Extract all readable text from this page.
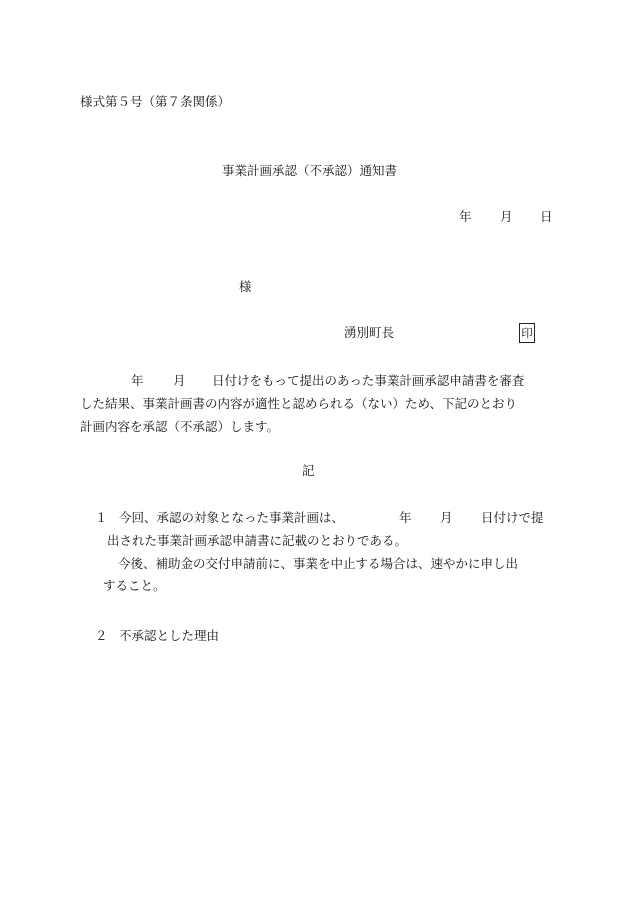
様式第５号（第７条関係）
事業計画承認（不承認）通知書
年 月 日
様
湧別町長	印
年 月 日付けをもって提出のあった事業計画承認申請書を審査
した結果、事業計画書の内容が適性と認められる（ない）ため、下記のとおり
計画内容を承認（不承認）します。
記
１ 今回、承認の対象となった事業計画は、	年 月 日付けで提
出された事業計画承認申請書に記載のとおりである。
今後、補助金の交付申請前に、事業を中止する場合は、速やかに申し出
すること。
２ 不承認とした理由
